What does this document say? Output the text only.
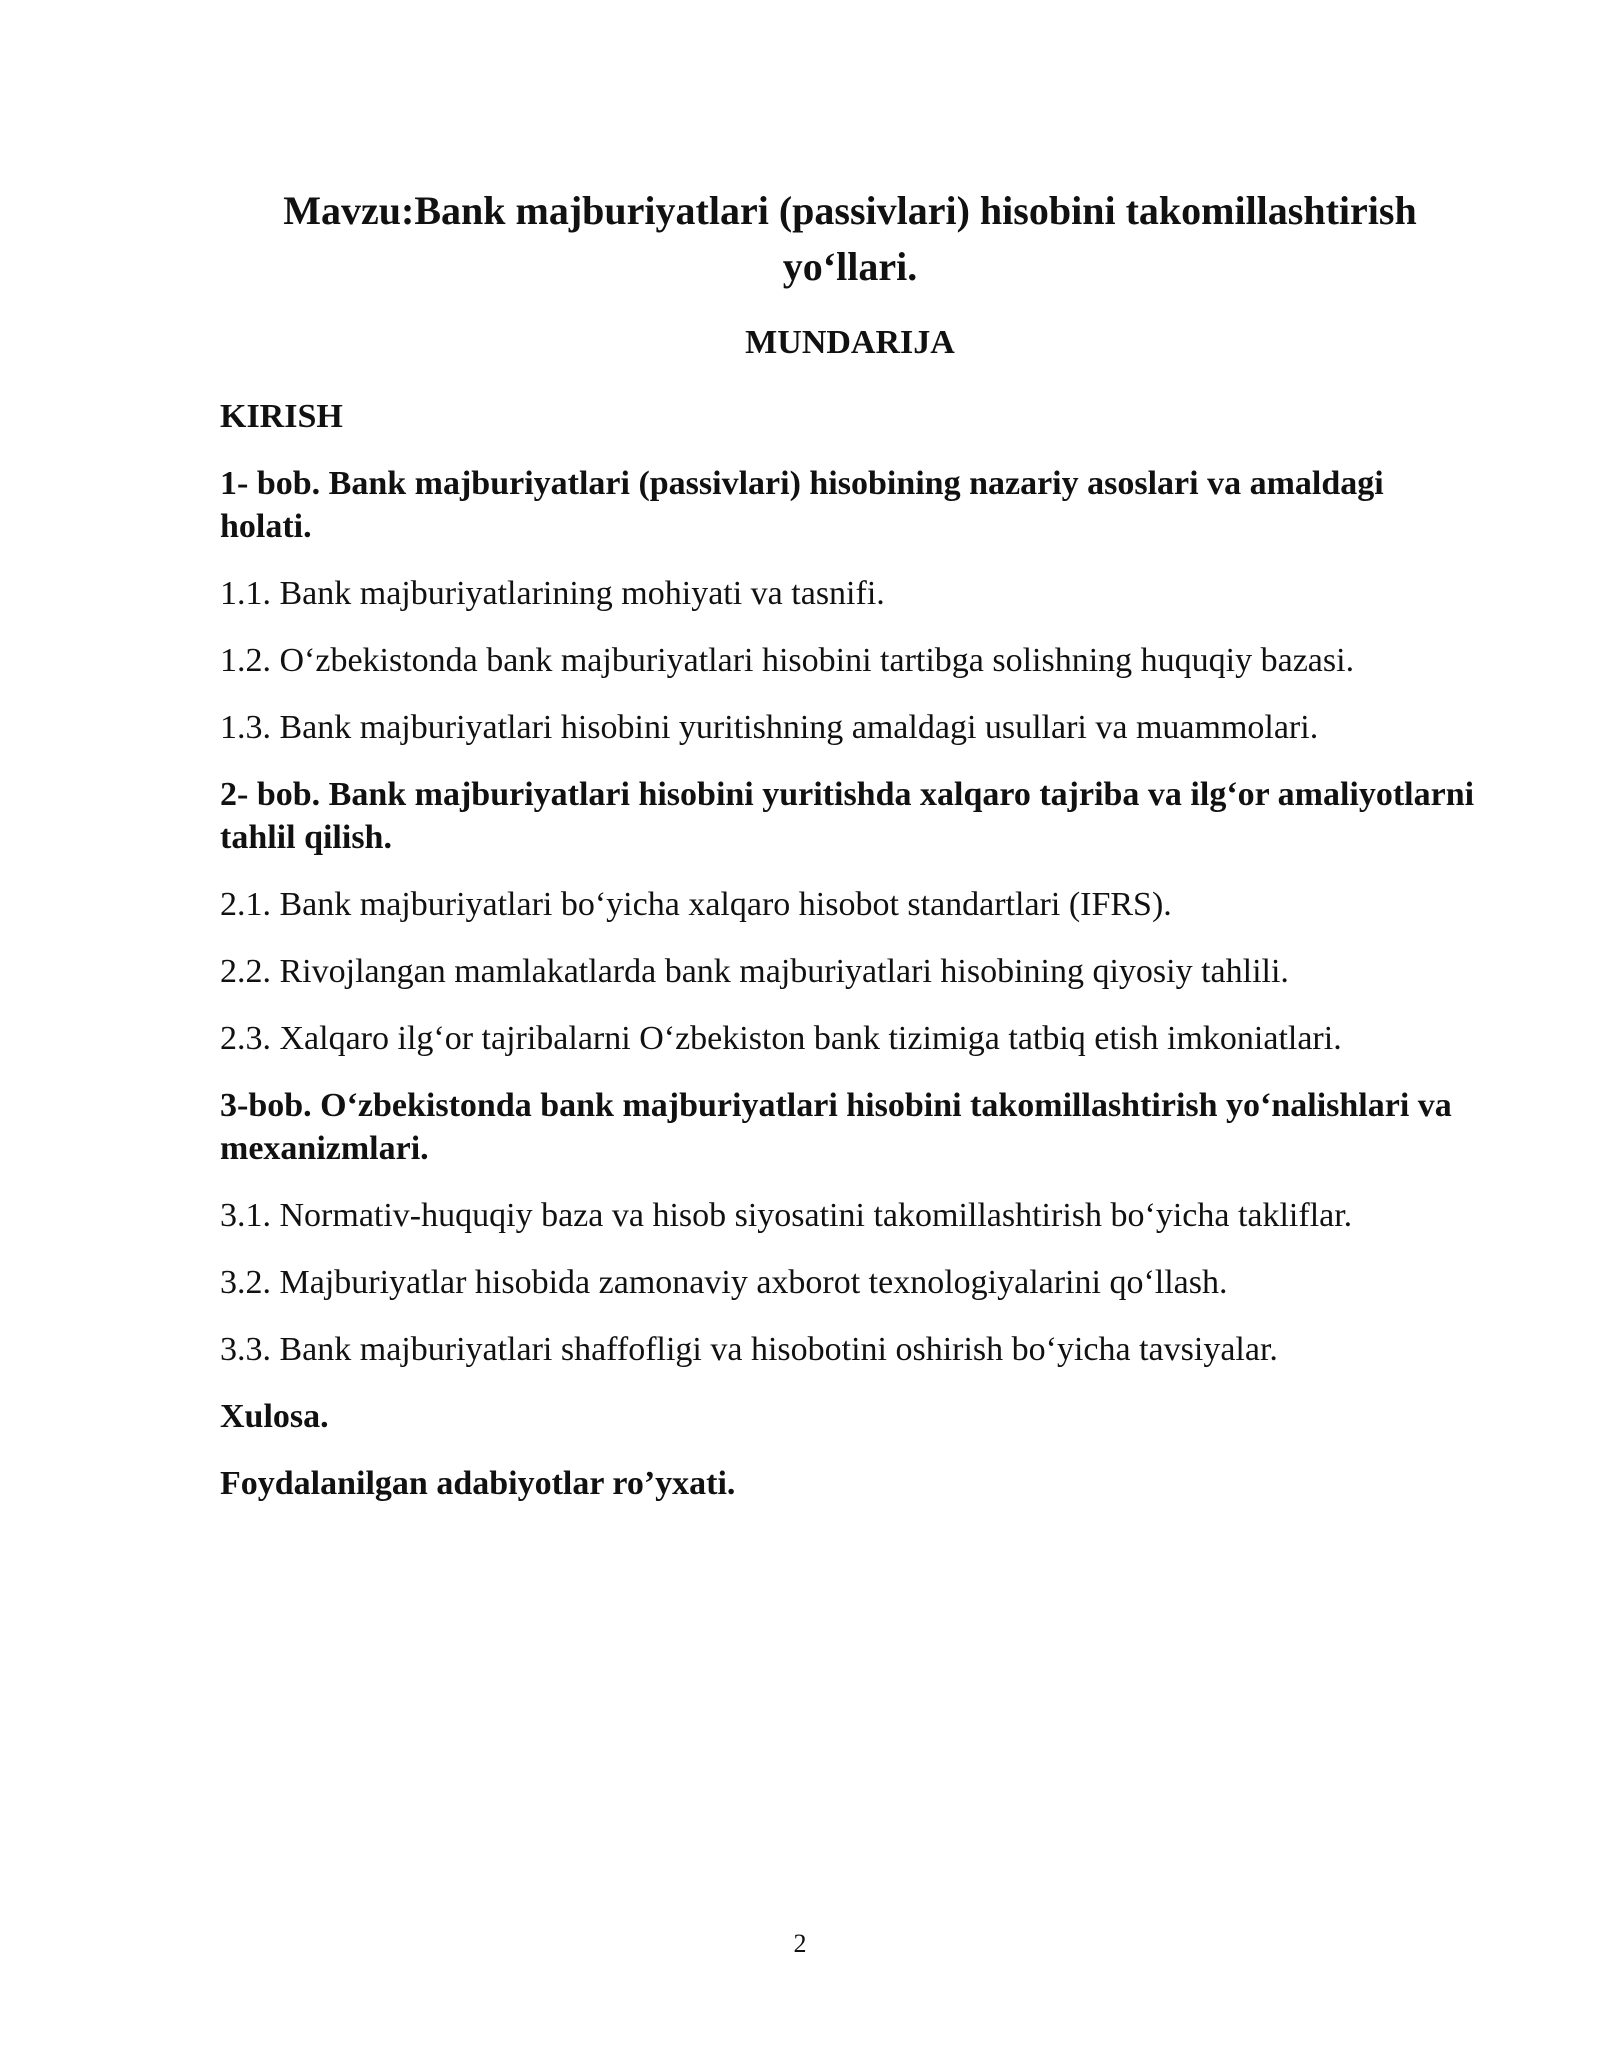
Mavzu:Bank majburiyatlari (passivlari) hisobini takomillashtirish yo‘llari.
MUNDARIJA
KIRISH
1- bob. Bank majburiyatlari (passivlari) hisobining nazariy asoslari va amaldagi holati.
1.1. Bank majburiyatlarining mohiyati va tasnifi.
1.2. O‘zbekistonda bank majburiyatlari hisobini tartibga solishning huquqiy bazasi.
1.3. Bank majburiyatlari hisobini yuritishning amaldagi usullari va muammolari.
2- bob. Bank majburiyatlari hisobini yuritishda xalqaro tajriba va ilg‘or amaliyotlarni tahlil qilish.
2.1. Bank majburiyatlari bo‘yicha xalqaro hisobot standartlari (IFRS).
2.2. Rivojlangan mamlakatlarda bank majburiyatlari hisobining qiyosiy tahlili.
2.3. Xalqaro ilg‘or tajribalarni O‘zbekiston bank tizimiga tatbiq etish imkoniatlari.
3-bob. O‘zbekistonda bank majburiyatlari hisobini takomillashtirish yo‘nalishlari va mexanizmlari.
3.1. Normativ-huquqiy baza va hisob siyosatini takomillashtirish bo‘yicha takliflar.
3.2. Majburiyatlar hisobida zamonaviy axborot texnologiyalarini qo‘llash.
3.3. Bank majburiyatlari shaffofligi va hisobotini oshirish bo‘yicha tavsiyalar.
Xulosa.
Foydalanilgan adabiyotlar ro’yxati.
2
